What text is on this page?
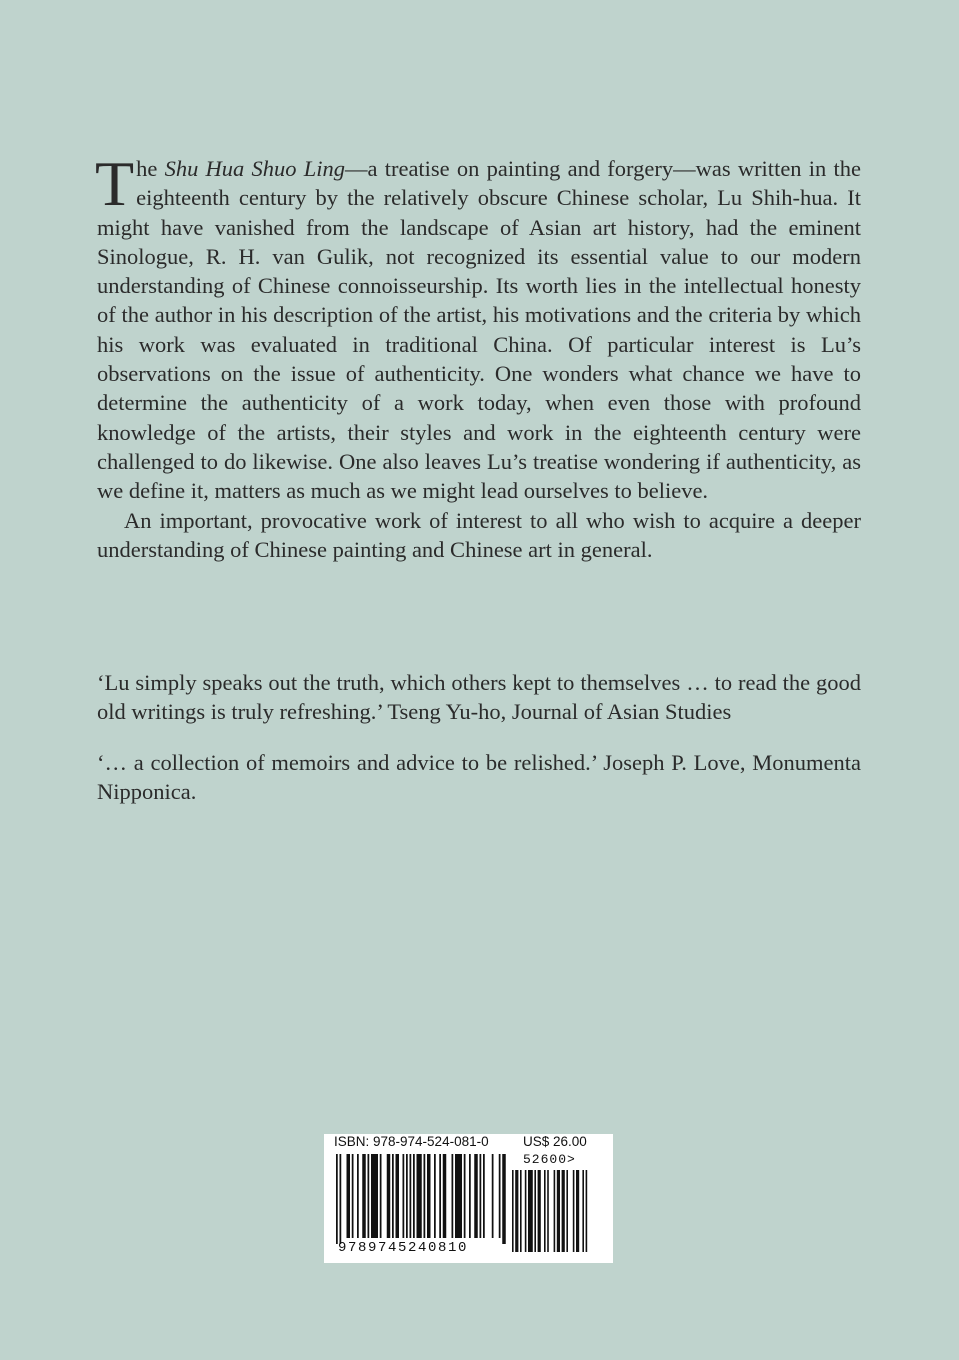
The Shu Hua Shuo Ling—a treatise on painting and forgery—was written in the eighteenth century by the relatively obscure Chinese scholar, Lu Shih-hua. It might have vanished from the landscape of Asian art history, had the eminent Sinologue, R. H. van Gulik, not recognized its essential value to our modern understanding of Chinese connoisseurship. Its worth lies in the intellectual honesty of the author in his description of the artist, his motivations and the criteria by which his work was evaluated in traditional China. Of particular interest is Lu’s observations on the issue of authenticity. One wonders what chance we have to determine the authenticity of a work today, when even those with profound knowledge of the artists, their styles and work in the eighteenth century were challenged to do likewise. One also leaves Lu’s treatise wondering if authenticity, as we define it, matters as much as we might lead ourselves to believe.

An important, provocative work of interest to all who wish to acquire a deeper understanding of Chinese painting and Chinese art in general.

‘Lu simply speaks out the truth, which others kept to themselves … to read the good old writings is truly refreshing.’ Tseng Yu-ho, Journal of Asian Studies

‘… a collection of memoirs and advice to be relished.’ Joseph P. Love, Monumenta Nipponica.

ISBN: 978-974-524-081-0	US$ 26.00
52600>
9789745240810
